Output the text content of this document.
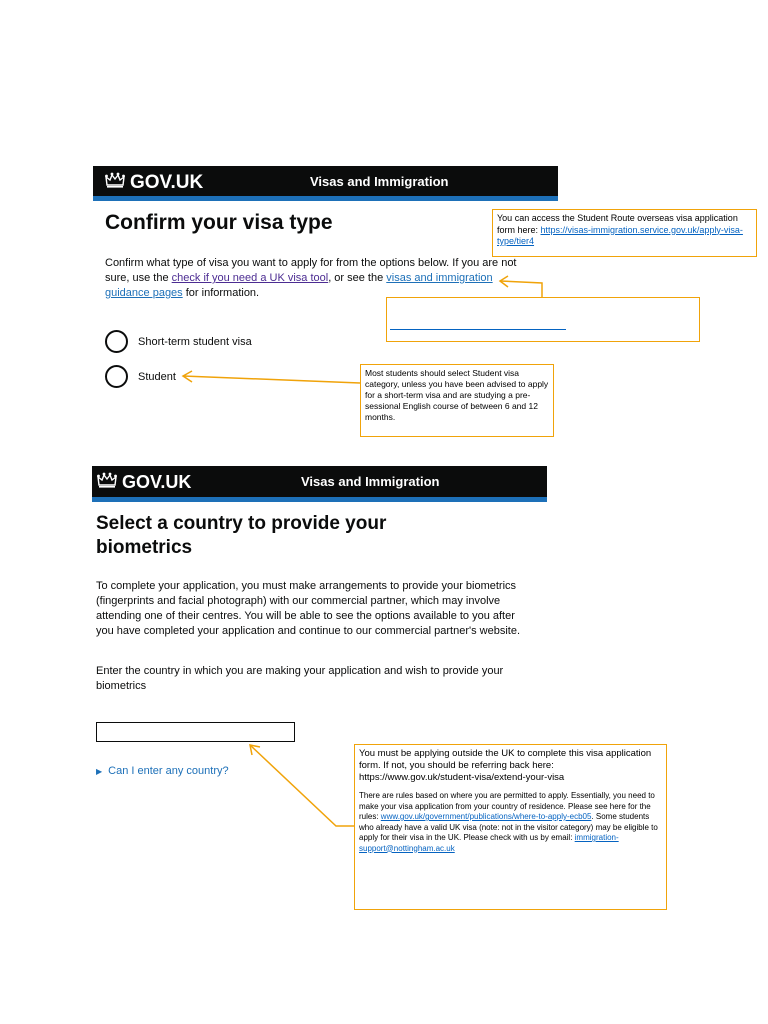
GOV.UK	Visas and Immigration
Confirm your visa type

Confirm what type of visa you want to apply for from the options below. If you are not sure, use the check if you need a UK visa tool, or see the visas and immigration guidance pages for information.

Short-term student visa
Student
GOV.UK	Visas and Immigration
Select a country to provide your
biometrics

To complete your application, you must make arrangements to provide your biometrics (fingerprints and facial photograph) with our commercial partner, which may involve attending one of their centres. You will be able to see the options available to you after you have completed your application and continue to our commercial partner's website.

Enter the country in which you are making your application and wish to provide your biometrics

▶ Can I enter any country?
You can access the Student Route overseas visa application form here: https://visas-immigration.service.gov.uk/apply-visa-type/tier4
Most students should select Student visa category, unless you have been advised to apply for a short-term visa and are studying a pre-sessional English course of between 6 and 12 months.
You must be applying outside the UK to complete this visa application form. If not, you should be referring back here: https://www.gov.uk/student-visa/extend-your-visa
There are rules based on where you are permitted to apply. Essentially, you need to make your visa application from your country of residence. Please see here for the rules: www.gov.uk/government/publications/where-to-apply-ecb05. Some students who already have a valid UK visa (note: not in the visitor category) may be eligible to apply for their visa in the UK. Please check with us by email: immigration-support@nottingham.ac.uk
